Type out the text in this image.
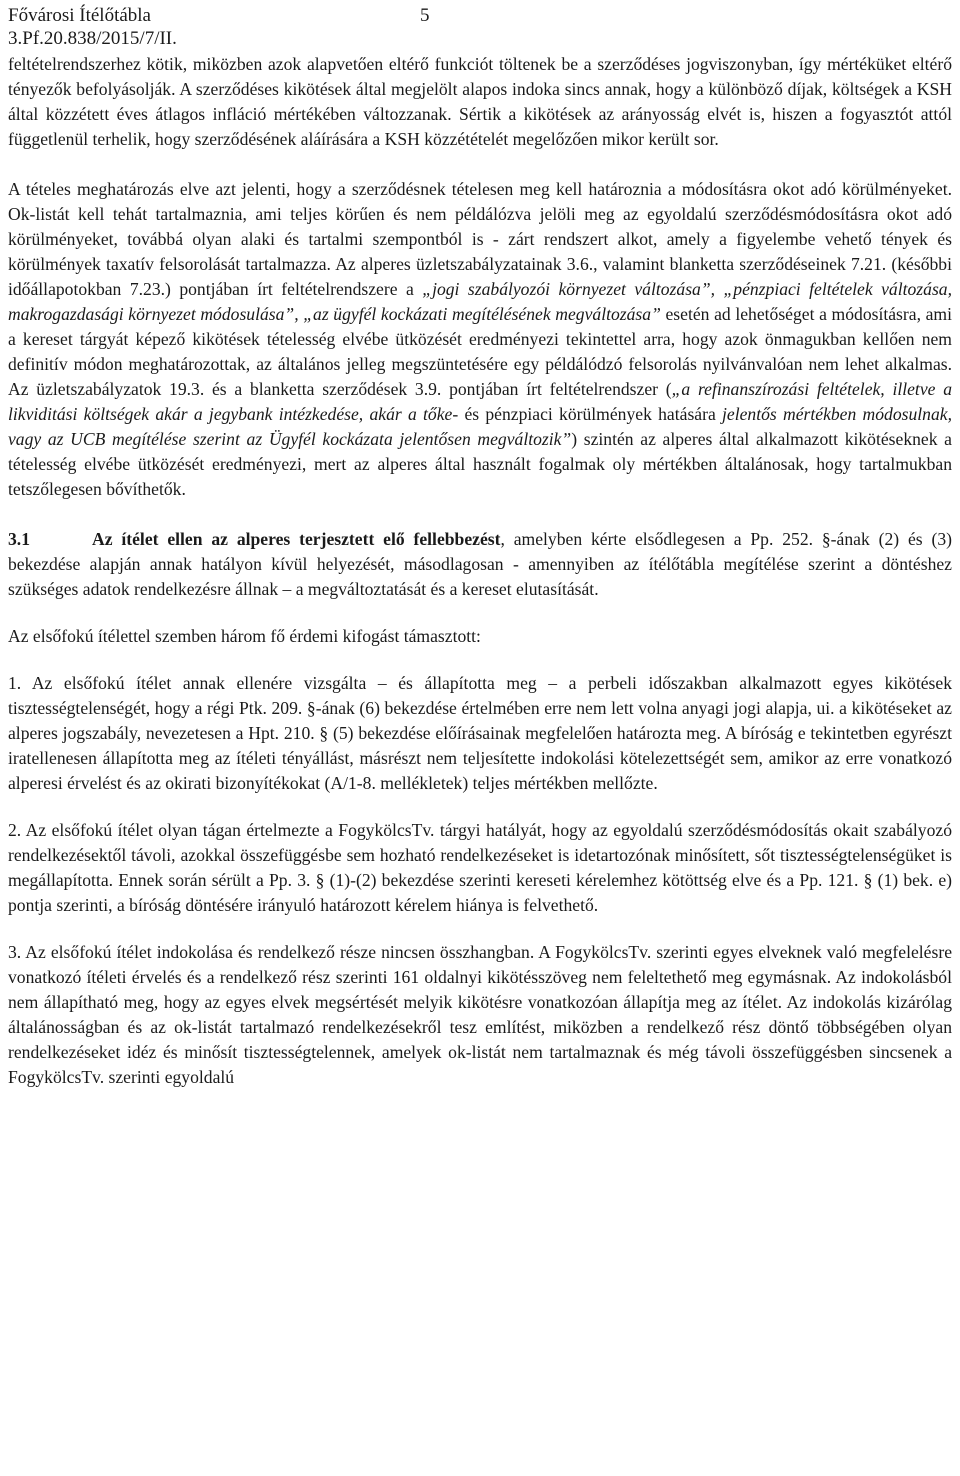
Fővárosi Ítélőtábla	5
3.Pf.20.838/2015/7/II.

feltételrendszerhez kötik, miközben azok alapvetően eltérő funkciót töltenek be a szerződéses jogviszonyban, így mértéküket eltérő tényezők befolyásolják. A szerződéses kikötések által megjelölt alapos indoka sincs annak, hogy a különböző díjak, költségek a KSH által közzétett éves átlagos infláció mértékében változzanak. Sértik a kikötések az arányosság elvét is, hiszen a fogyasztót attól függetlenül terhelik, hogy szerződésének aláírására a KSH közzétételét megelőzően mikor került sor.

A tételes meghatározás elve azt jelenti, hogy a szerződésnek tételesen meg kell határoznia a módosításra okot adó körülményeket. Ok-listát kell tehát tartalmaznia, ami teljes körűen és nem példálózva jelöli meg az egyoldalú szerződésmódosításra okot adó körülményeket, továbbá olyan alaki és tartalmi szempontból is - zárt rendszert alkot, amely a figyelembe vehető tények és körülmények taxatív felsorolását tartalmazza. Az alperes üzletszabályzatainak 3.6., valamint blanketta szerződéseinek 7.21. (későbbi időállapotokban 7.23.) pontjában írt feltételrendszere a „jogi szabályozói környezet változása”, „pénzpiaci feltételek változása, makrogazdasági környezet módosulása”, „az ügyfél kockázati megítélésének megváltozása” esetén ad lehetőséget a módosításra, ami a kereset tárgyát képező kikötések tételesség elvébe ütközését eredményezi tekintettel arra, hogy azok önmagukban kellően nem definitív módon meghatározottak, az általános jelleg megszüntetésére egy példálódzó felsorolás nyilvánvalóan nem lehet alkalmas. Az üzletszabályzatok 19.3. és a blanketta szerződések 3.9. pontjában írt feltételrendszer („a refinanszírozási feltételek, illetve a likviditási költségek akár a jegybank intézkedése, akár a tőke- és pénzpiaci körülmények hatására jelentős mértékben módosulnak, vagy az UCB megítélése szerint az Ügyfél kockázata jelentősen megváltozik”) szintén az alperes által alkalmazott kikötéseknek a tételesség elvébe ütközését eredményezi, mert az alperes által használt fogalmak oly mértékben általánosak, hogy tartalmukban tetszőlegesen bővíthetők.

3.1	Az ítélet ellen az alperes terjesztett elő fellebbezést, amelyben kérte elsődlegesen a Pp. 252. §-ának (2) és (3) bekezdése alapján annak hatályon kívül helyezését, másodlagosan - amennyiben az ítélőtábla megítélése szerint a döntéshez szükséges adatok rendelkezésre állnak – a megváltoztatását és a kereset elutasítását.

Az elsőfokú ítélettel szemben három fő érdemi kifogást támasztott:

1. Az elsőfokú ítélet annak ellenére vizsgálta – és állapította meg – a perbeli időszakban alkalmazott egyes kikötések tisztességtelenségét, hogy a régi Ptk. 209. §-ának (6) bekezdése értelmében erre nem lett volna anyagi jogi alapja, ui. a kikötéseket az alperes jogszabály, nevezetesen a Hpt. 210. § (5) bekezdése előírásainak megfelelően határozta meg. A bíróság e tekintetben egyrészt iratellenesen állapította meg az ítéleti tényállást, másrészt nem teljesítette indokolási kötelezettségét sem, amikor az erre vonatkozó alperesi érvelést és az okirati bizonyítékokat (A/1-8. mellékletek) teljes mértékben mellőzte.

2. Az elsőfokú ítélet olyan tágan értelmezte a FogykölcsTv. tárgyi hatályát, hogy az egyoldalú szerződésmódosítás okait szabályozó rendelkezésektől távoli, azokkal összefüggésbe sem hozható rendelkezéseket is idetartozónak minősített, sőt tisztességtelenségüket is megállapította. Ennek során sérült a Pp. 3. § (1)-(2) bekezdése szerinti kereseti kérelemhez kötöttség elve és a Pp. 121. § (1) bek. e) pontja szerinti, a bíróság döntésére irányuló határozott kérelem hiánya is felvethető.

3. Az elsőfokú ítélet indokolása és rendelkező része nincsen összhangban. A FogykölcsTv. szerinti egyes elveknek való megfelelésre vonatkozó ítéleti érvelés és a rendelkező rész szerinti 161 oldalnyi kikötésszöveg nem feleltethető meg egymásnak. Az indokolásból nem állapítható meg, hogy az egyes elvek megsértését melyik kikötésre vonatkozóan állapítja meg az ítélet. Az indokolás kizárólag általánosságban és az ok-listát tartalmazó rendelkezésekről tesz említést, miközben a rendelkező rész döntő többségében olyan rendelkezéseket idéz és minősít tisztességtelennek, amelyek ok-listát nem tartalmaznak és még távoli összefüggésben sincsenek a FogykölcsTv. szerinti egyoldalú
